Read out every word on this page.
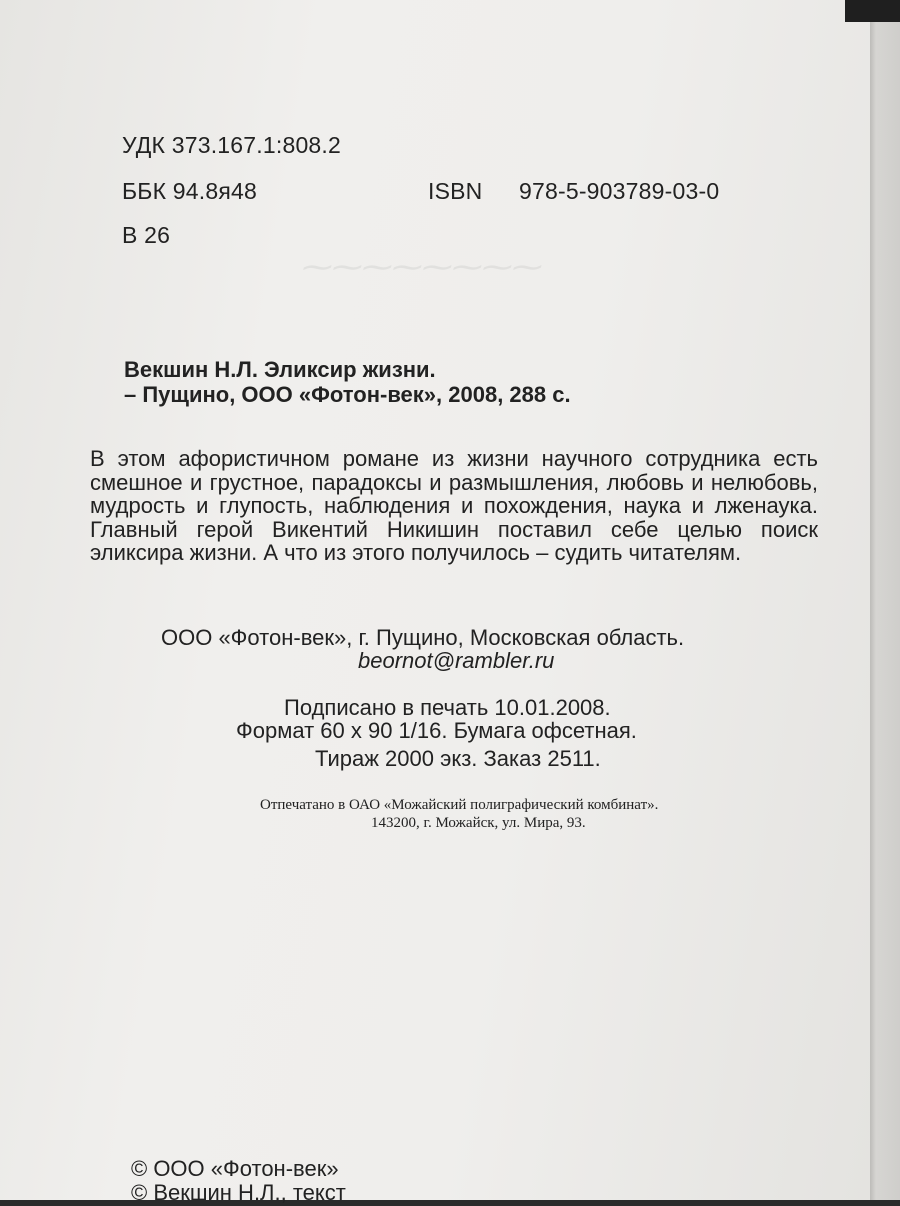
⁓⁓⁓⁓⁓⁓⁓⁓
УДК 373.167.1:808.2
ББК 94.8я48	ISBN 978-5-903789-03-0
В 26
Векшин Н.Л. Эликсир жизни.
– Пущино, ООО «Фотон-век», 2008, 288 с.
В этом афористичном романе из жизни научного сотрудника есть смешное и грустное, парадоксы и размышления, любовь и нелюбовь, мудрость и глупость, наблюдения и похождения, наука и лженаука. Главный герой Викентий Никишин поставил себе целью поиск эликсира жизни. А что из этого получилось – судить читателям.
ООО «Фотон-век», г. Пущино, Московская область.
beornot@rambler.ru
Подписано в печать 10.01.2008.
Формат 60 х 90 1/16. Бумага офсетная.
Тираж 2000 экз. Заказ 2511.
Отпечатано в ОАО «Можайский полиграфический комбинат».
143200, г. Можайск, ул. Мира, 93.
© ООО «Фотон-век»
© Векшин Н.Л., текст
